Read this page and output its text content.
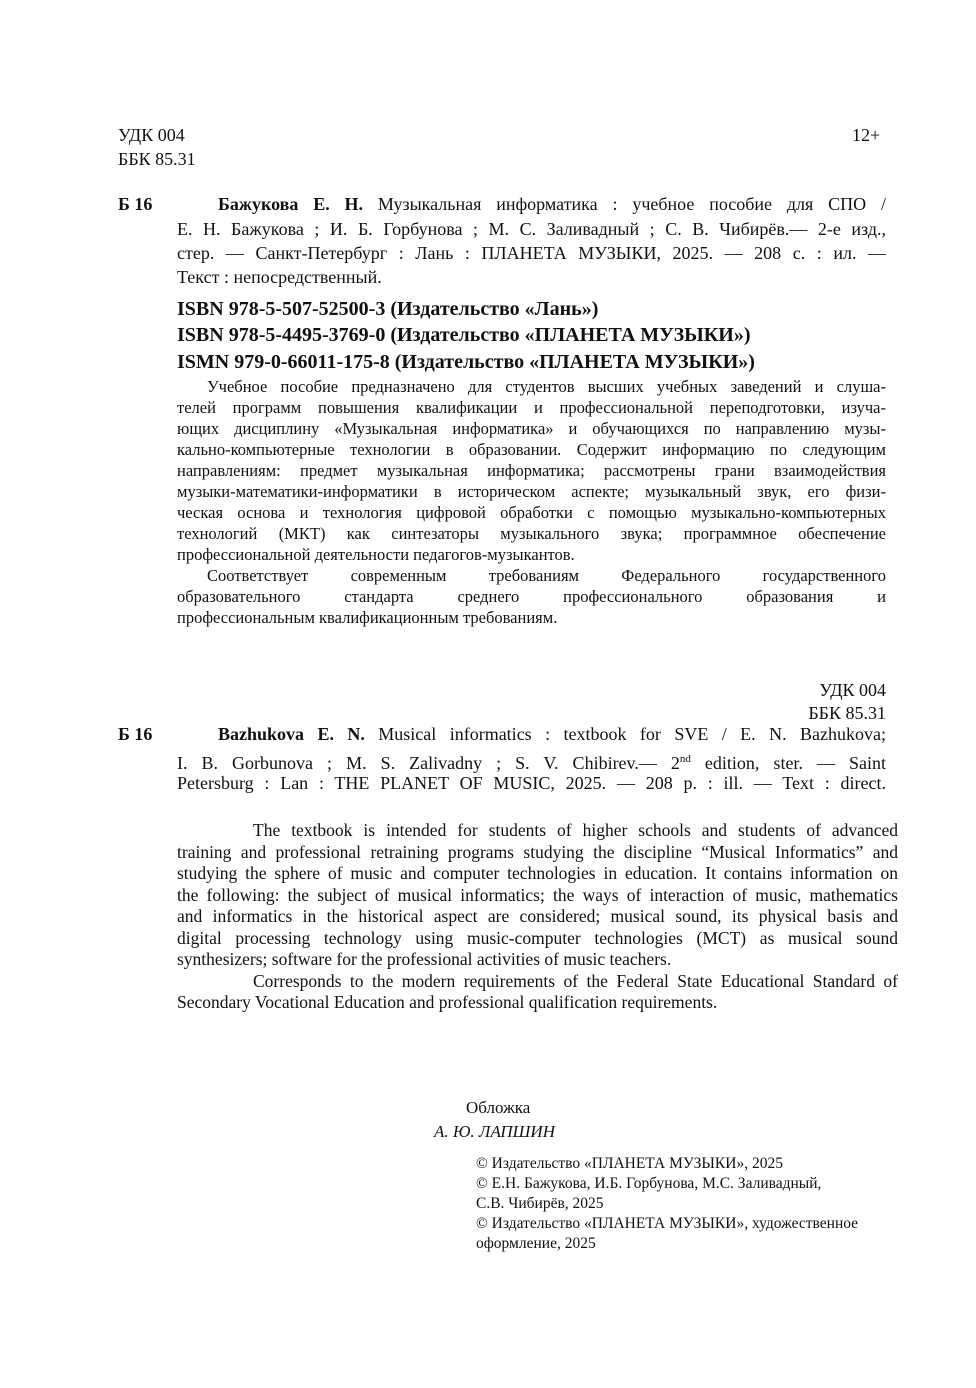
УДК 004
ББК 85.31
12+
Б 16	Бажукова Е. Н. Музыкальная информатика : учебное пособие для СПО /
Е. Н. Бажукова ; И. Б. Горбунова ; М. С. Заливадный ; С. В. Чибирёв.— 2-е изд.,
стер. — Санкт-Петербург : Лань : ПЛАНЕТА МУЗЫКИ, 2025. — 208 с. : ил. —
Текст : непосредственный.
ISBN 978-5-507-52500-3 (Издательство «Лань»)
ISBN 978-5-4495-3769-0 (Издательство «ПЛАНЕТА МУЗЫКИ»)
ISMN 979-0-66011-175-8 (Издательство «ПЛАНЕТА МУЗЫКИ»)
Учебное пособие предназначено для студентов высших учебных заведений и слуша-
телей программ повышения квалификации и профессиональной переподготовки, изуча-
ющих дисциплину «Музыкальная информатика» и обучающихся по направлению музы-
кально-компьютерные технологии в образовании. Содержит информацию по следующим
направлениям: предмет музыкальная информатика; рассмотрены грани взаимодействия
музыки-математики-информатики в историческом аспекте; музыкальный звук, его физи-
ческая основа и технология цифровой обработки с помощью музыкально-компьютерных
технологий (МКТ) как синтезаторы музыкального звука; программное обеспечение
профессиональной деятельности педагогов-музыкантов.
Соответствует современным требованиям Федерального государственного
образовательного стандарта среднего профессионального образования и
профессиональным квалификационным требованиям.
УДК 004
ББК 85.31
Б 16	Bazhukova E. N. Musical informatics : textbook for SVE / E. N. Bazhukova;
I. B. Gorbunova ; M. S. Zalivadny ; S. V. Chibirev.— 2nd edition, ster. — Saint
Petersburg : Lan : THE PLANET OF MUSIC, 2025. — 208 p. : ill. — Text : direct.
The textbook is intended for students of higher schools and students of advanced
training and professional retraining programs studying the discipline “Musical Informatics” and
studying the sphere of music and computer technologies in education. It contains information on
the following: the subject of musical informatics; the ways of interaction of music, mathematics
and informatics in the historical aspect are considered; musical sound, its physical basis and
digital processing technology using music-computer technologies (MCT) as musical sound
synthesizers; software for the professional activities of music teachers.
Corresponds to the modern requirements of the Federal State Educational Standard of
Secondary Vocational Education and professional qualification requirements.
Обложка
А. Ю. ЛАПШИН
© Издательство «ПЛАНЕТА МУЗЫКИ», 2025
© Е.Н. Бажукова, И.Б. Горбунова, М.С. Заливадный,
С.В. Чибирёв, 2025
© Издательство «ПЛАНЕТА МУЗЫКИ», художественное
оформление, 2025
